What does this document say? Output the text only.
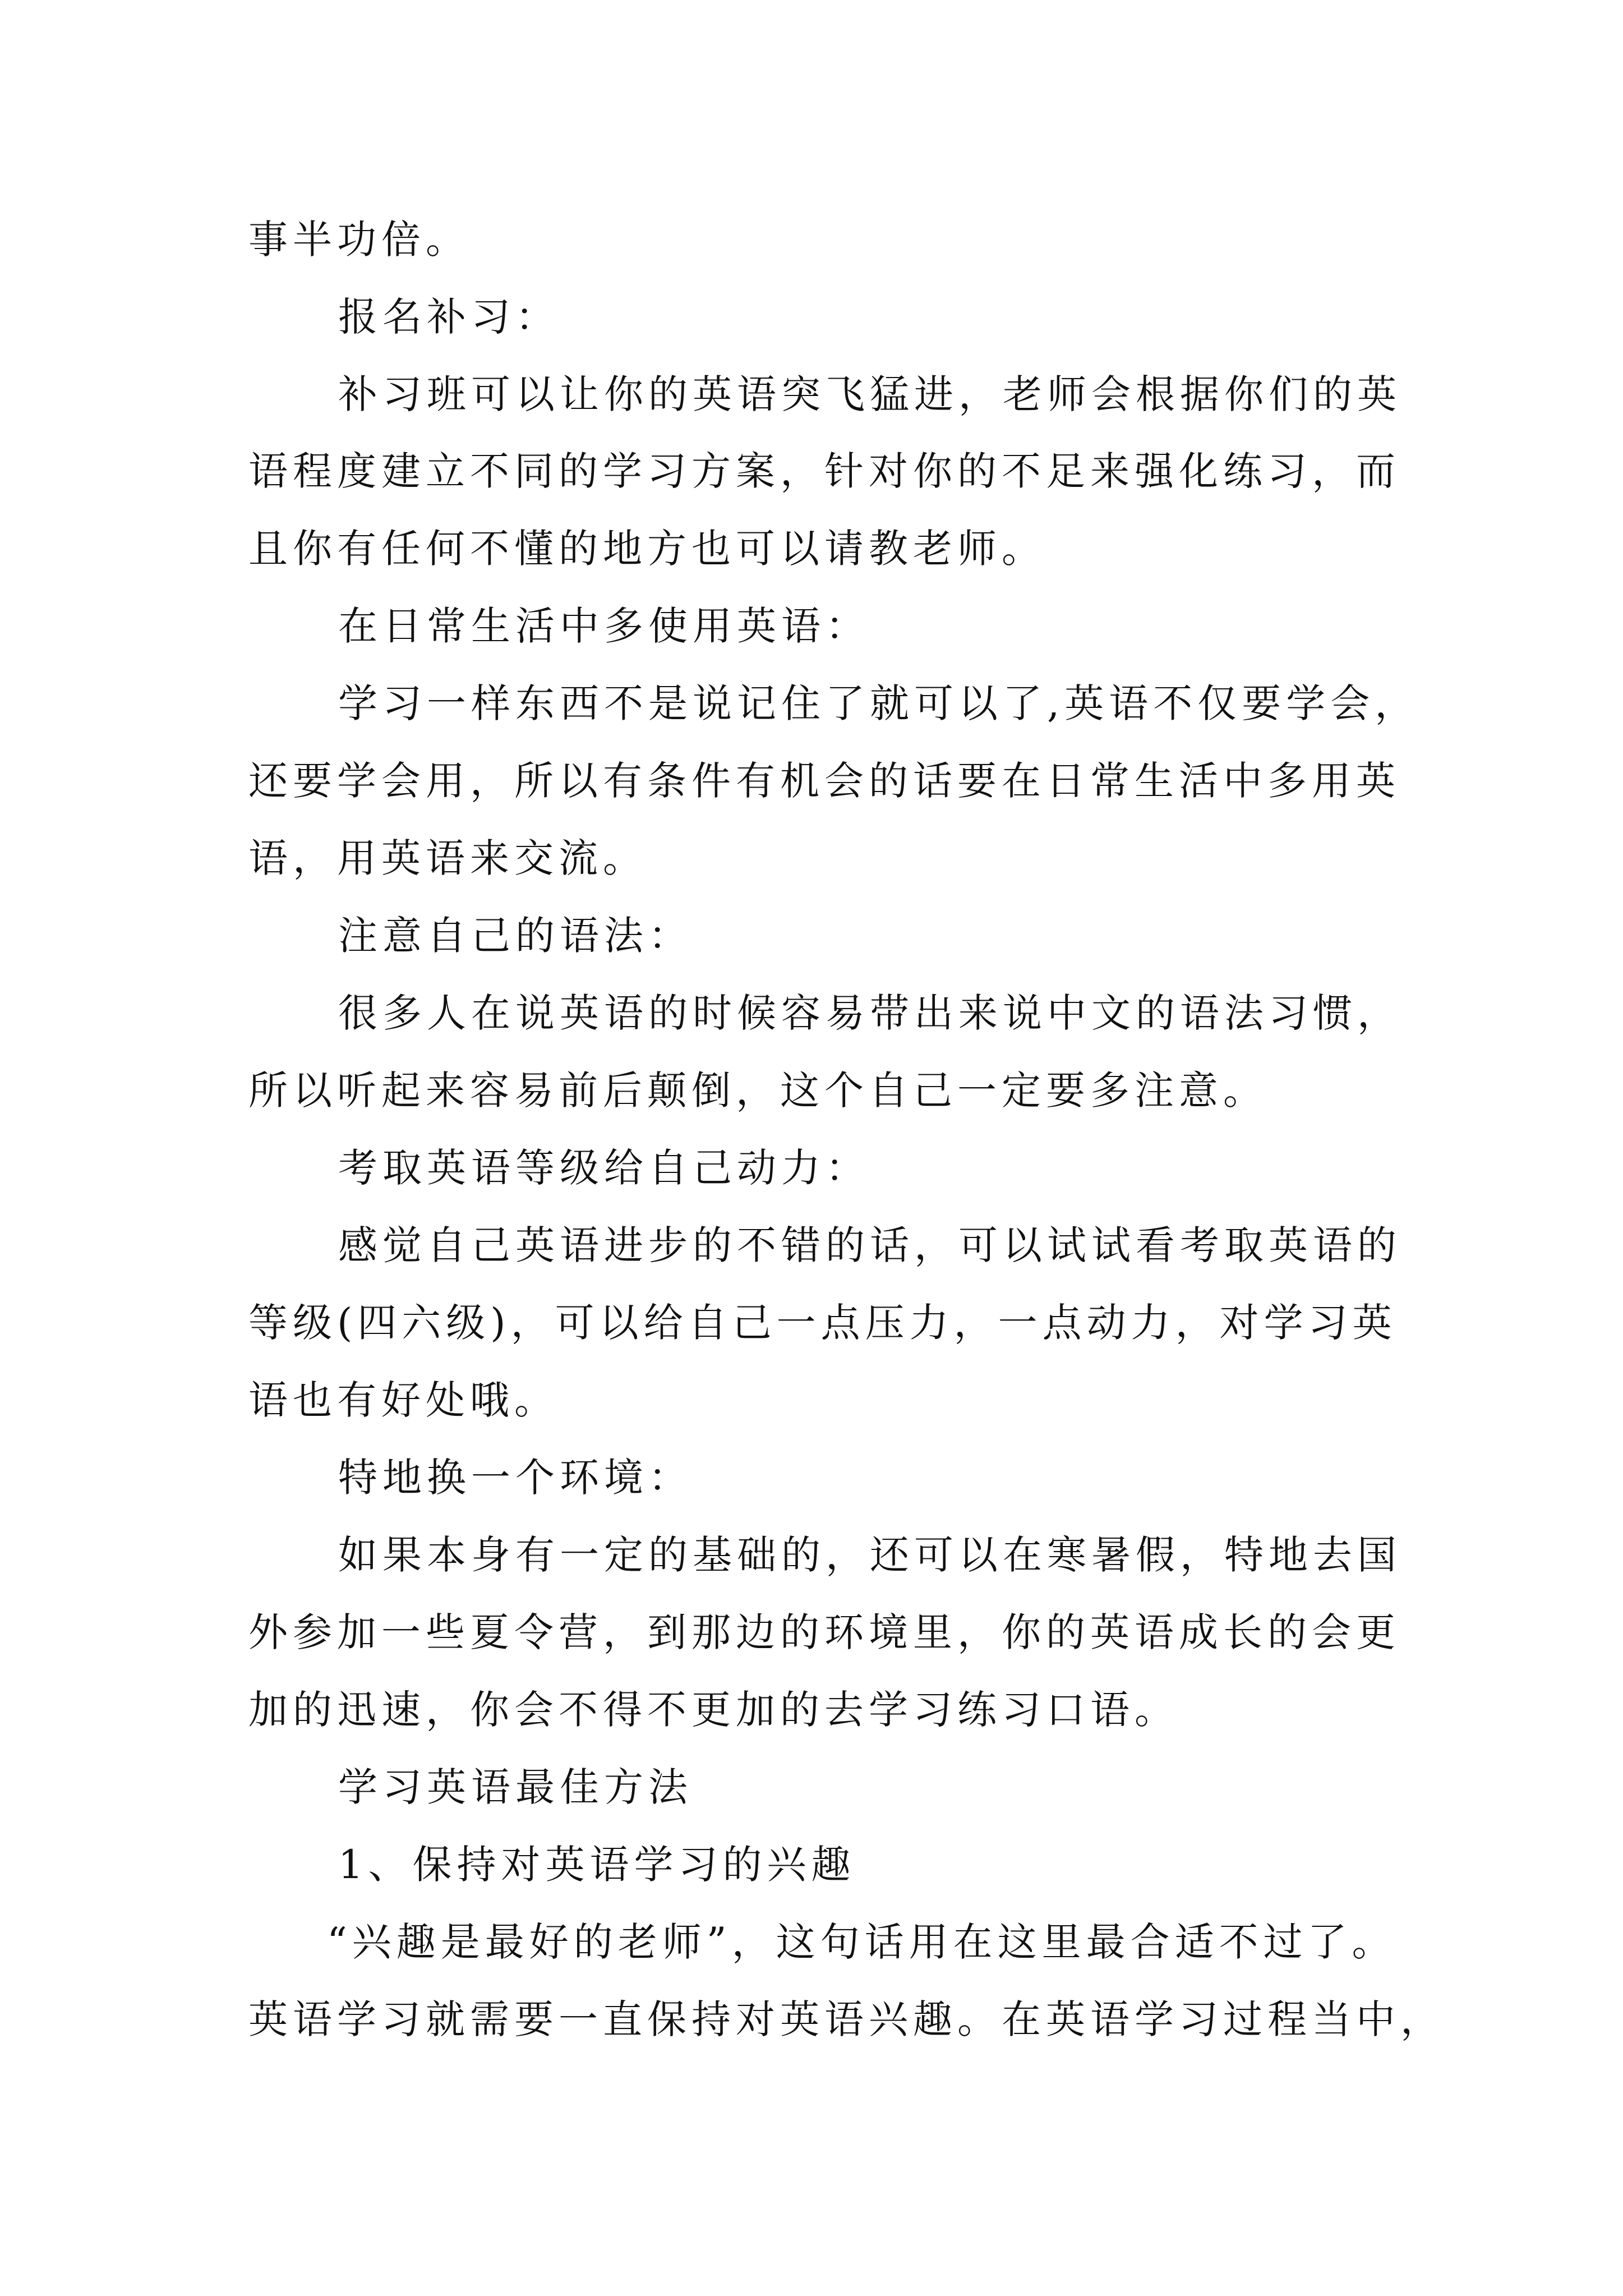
事半功倍。

报名补习：

补习班可以让你的英语突飞猛进，老师会根据你们的英

语程度建立不同的学习方案，针对你的不足来强化练习，而

且你有任何不懂的地方也可以请教老师。

在日常生活中多使用英语：

学习一样东西不是说记住了就可以了,英语不仅要学会，

还要学会用，所以有条件有机会的话要在日常生活中多用英

语，用英语来交流。

注意自己的语法：

很多人在说英语的时候容易带出来说中文的语法习惯，

所以听起来容易前后颠倒，这个自己一定要多注意。

考取英语等级给自己动力：

感觉自己英语进步的不错的话，可以试试看考取英语的

等级(四六级)，可以给自己一点压力，一点动力，对学习英

语也有好处哦。

特地换一个环境：

如果本身有一定的基础的，还可以在寒暑假，特地去国

外参加一些夏令营，到那边的环境里，你的英语成长的会更

加的迅速，你会不得不更加的去学习练习口语。

学习英语最佳方法

1、保持对英语学习的兴趣

“兴趣是最好的老师”，这句话用在这里最合适不过了。

英语学习就需要一直保持对英语兴趣。在英语学习过程当中，
